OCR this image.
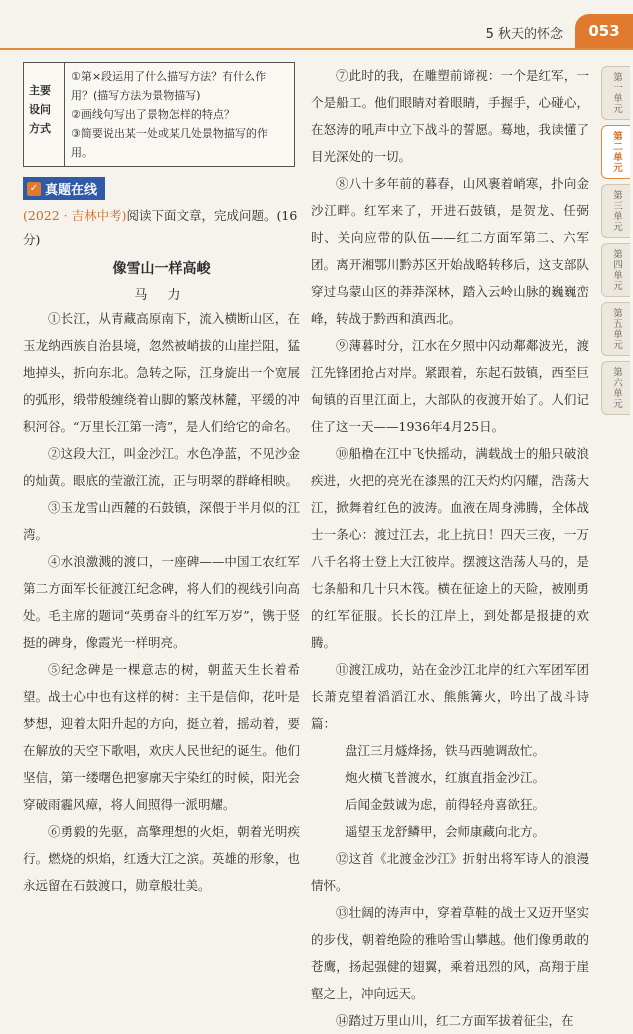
5 秋天的怀念	053
第一单元
第二单元
第三单元
第四单元
第五单元
第六单元
主要设问方式
①第×段运用了什么描写方法？有什么作用？(描写方法为景物描写)
②画线句写出了景物怎样的特点？
③简要说出某一处或某几处景物描写的作用。
✓ 真题在线
(2022 · 吉林中考)阅读下面文章，完成问题。(16分)
像雪山一样高峻
马 力

①长江，从青藏高原南下，流入横断山区，在玉龙纳西族自治县境，忽然被峭拔的山崖拦阻，猛地掉头，折向东北。急转之际，江身旋出一个宽展的弧形，缎带般缠绕着山脚的繁茂林麓，平缓的冲积河谷。“万里长江第一湾”，是人们给它的命名。

②这段大江，叫金沙江。水色净蓝，不见沙金的灿黄。眼底的莹澈江流，正与明翠的群峰相映。

③玉龙雪山西麓的石鼓镇，深偎于半月似的江湾。

④水浪激溅的渡口，一座碑——中国工农红军第二方面军长征渡江纪念碑，将人们的视线引向高处。毛主席的题词“英勇奋斗的红军万岁”，镌于竖挺的碑身，像霞光一样明亮。

⑤纪念碑是一棵意志的树，朝蓝天生长着希望。战士心中也有这样的树：主干是信仰，花叶是梦想，迎着太阳升起的方向，挺立着，摇动着，要在解放的天空下歌唱，欢庆人民世纪的诞生。他们坚信，第一缕曙色把寥廓天宇染红的时候，阳光会穿破雨霾风瘴，将人间照得一派明耀。

⑥勇毅的先驱，高擎理想的火炬，朝着光明疾行。燃烧的炽焰，红透大江之滨。英雄的形象，也永远留在石鼓渡口，勋章般壮美。

⑦此时的我，在雕塑前谛视：一个是红军，一个是船工。他们眼睛对着眼睛，手握手，心碰心，在怒涛的吼声中立下战斗的誓愿。蓦地，我读懂了目光深处的一切。

⑧八十多年前的暮春，山风裹着峭寒，扑向金沙江畔。红军来了，开进石鼓镇，是贺龙、任弼时、关向应带的队伍——红二方面军第二、六军团。离开湘鄂川黔苏区开始战略转移后，这支部队穿过乌蒙山区的莽莽深林，踏入云岭山脉的巍巍峦峰，转战于黔西和滇西北。

⑨薄暮时分，江水在夕照中闪动鄰鄰波光，渡江先锋团抢占对岸。紧跟着，东起石鼓镇，西至巨甸镇的百里江面上，大部队的夜渡开始了。人们记住了这一天——1936年4月25日。

⑩船橹在江中飞快摇动，满载战士的船只破浪疾进，火把的亮光在漆黑的江天灼灼闪耀，浩荡大江，掀舞着红色的波涛。血液在周身沸腾，全体战士一条心：渡过江去，北上抗日！四天三夜，一万八千名将士登上大江彼岸。摆渡这浩荡人马的，是七条船和几十只木筏。横在征途上的天险，被刚勇的红军征服。长长的江岸上，到处都是报捷的欢腾。

⑪渡江成功，站在金沙江北岸的红六军团军团长萧克望着滔滔江水、熊熊篝火，吟出了战斗诗篇：

盘江三月燧烽扬，铁马西驰调敌忙。
炮火横飞普渡水，红旗直指金沙江。
后闻金鼓诚为虑，前得轻舟喜欲狂。
遥望玉龙舒鳞甲，会师康藏向北方。

⑫这首《北渡金沙江》折射出将军诗人的浪漫情怀。

⑬壮阔的涛声中，穿着草鞋的战士又迈开坚实的步伐，朝着绝险的雅哈雪山攀越。他们像勇敢的苍鹰，扬起强健的翅翼，乘着迅烈的风，高翔于崖壑之上，冲向远天。

⑭踏过万里山川，红二方面军拔着征尘，在
